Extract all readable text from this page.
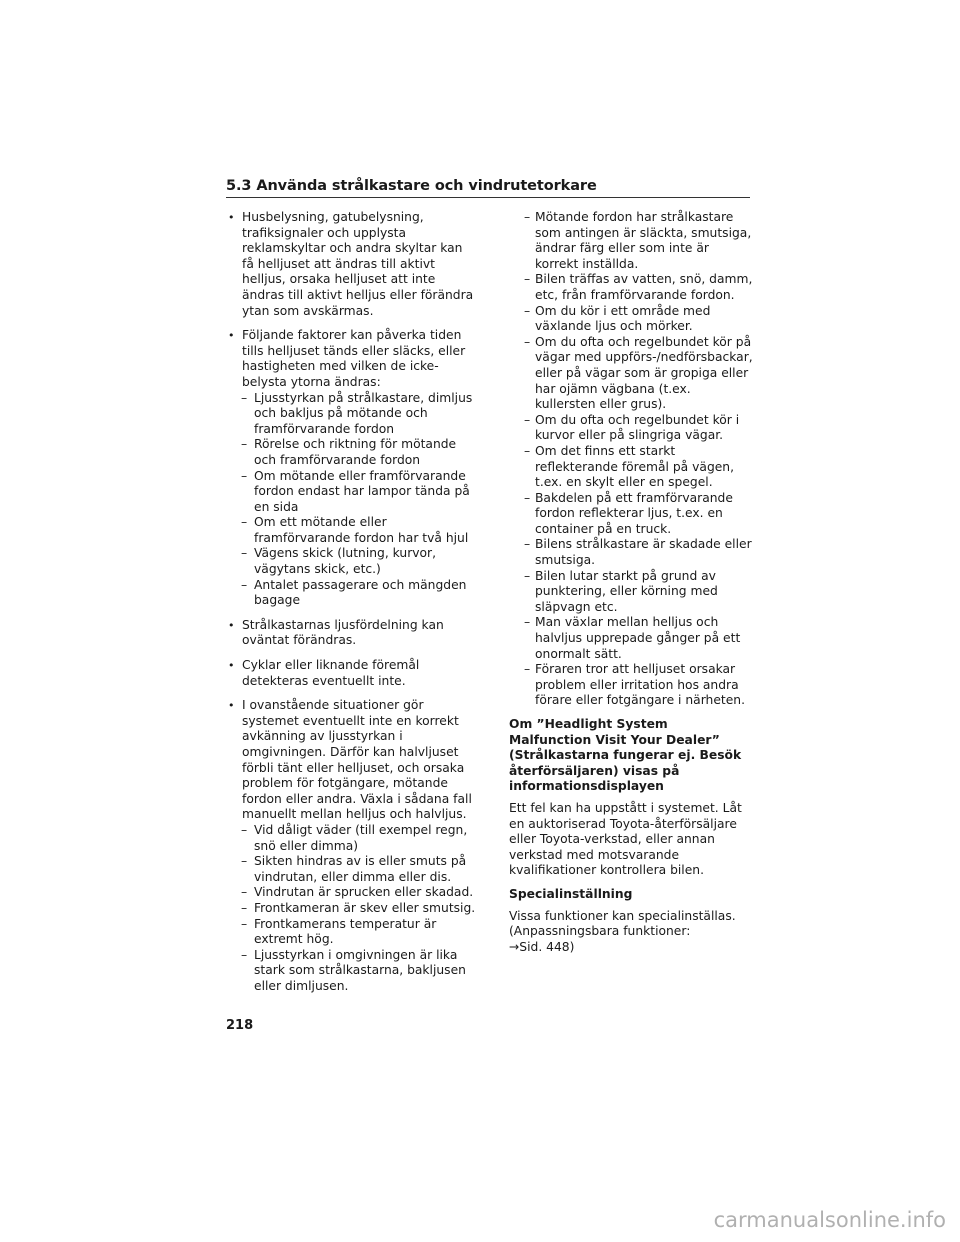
5.3 Använda strålkastare och vindrutetorkare
• Husbelysning, gatubelysning, trafiksignaler och upplysta reklamskyltar och andra skyltar kan få helljuset att ändras till aktivt helljus, orsaka helljuset att inte ändras till aktivt helljus eller förändra ytan som avskärmas.
• Följande faktorer kan påverka tiden tills helljuset tänds eller släcks, eller hastigheten med vilken de icke-belysta ytorna ändras:
– Ljusstyrkan på strålkastare, dimljus och bakljus på mötande och framförvarande fordon
– Rörelse och riktning för mötande och framförvarande fordon
– Om mötande eller framförvarande fordon endast har lampor tända på en sida
– Om ett mötande eller framförvarande fordon har två hjul
– Vägens skick (lutning, kurvor, vägytans skick, etc.)
– Antalet passagerare och mängden bagage
• Strålkastarnas ljusfördelning kan oväntat förändras.
• Cyklar eller liknande föremål detekteras eventuellt inte.
• I ovanstående situationer gör systemet eventuellt inte en korrekt avkänning av ljusstyrkan i omgivningen. Därför kan halvljuset förbli tänt eller helljuset, och orsaka problem för fotgängare, mötande fordon eller andra. Växla i sådana fall manuellt mellan helljus och halvljus.
– Vid dåligt väder (till exempel regn, snö eller dimma)
– Sikten hindras av is eller smuts på vindrutan, eller dimma eller dis.
– Vindrutan är sprucken eller skadad.
– Frontkameran är skev eller smutsig.
– Frontkamerans temperatur är extremt hög.
– Ljusstyrkan i omgivningen är lika stark som strålkastarna, bakljusen eller dimljusen.
– Mötande fordon har strålkastare som antingen är släckta, smutsiga, ändrar färg eller som inte är korrekt inställda.
– Bilen träffas av vatten, snö, damm, etc, från framförvarande fordon.
– Om du kör i ett område med växlande ljus och mörker.
– Om du ofta och regelbundet kör på vägar med uppförs-/nedförsbackar, eller på vägar som är gropiga eller har ojämn vägbana (t.ex. kullersten eller grus).
– Om du ofta och regelbundet kör i kurvor eller på slingriga vägar.
– Om det finns ett starkt reflekterande föremål på vägen, t.ex. en skylt eller en spegel.
– Bakdelen på ett framförvarande fordon reflekterar ljus, t.ex. en container på en truck.
– Bilens strålkastare är skadade eller smutsiga.
– Bilen lutar starkt på grund av punktering, eller körning med släpvagn etc.
– Man växlar mellan helljus och halvljus upprepade gånger på ett onormalt sätt.
– Föraren tror att helljuset orsakar problem eller irritation hos andra förare eller fotgängare i närheten.
Om ”Headlight System Malfunction Visit Your Dealer” (Strålkastarna fungerar ej. Besök återförsäljaren) visas på informationsdisplayen
Ett fel kan ha uppstått i systemet. Låt en auktoriserad Toyota-återförsäljare eller Toyota-verkstad, eller annan verkstad med motsvarande kvalifikationer kontrollera bilen.
Specialinställning
Vissa funktioner kan specialinställas. (Anpassningsbara funktioner:
→Sid. 448)
218
carmanualsonline.info
